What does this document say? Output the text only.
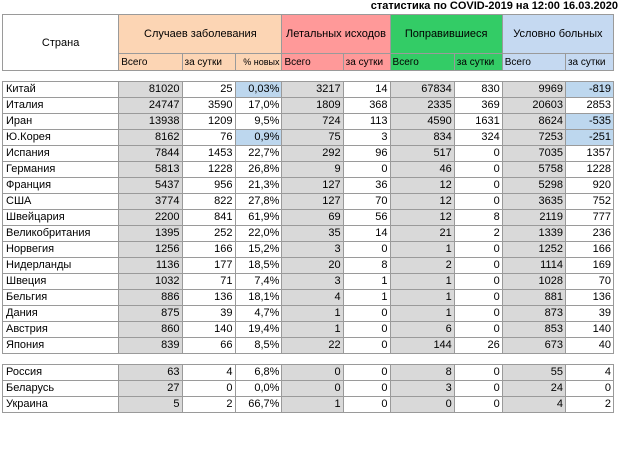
статистика по COVID-2019 на 12:00 16.03.2020
Страна	Случаев заболевания			Летальных исходов		Поправившиеся		Условно больных	
	Всего	за сутки	% новых	Всего	за сутки	Всего	за сутки	Всего	за сутки

Китай	81020	25	0,03%	3217	14	67834	830	9969	-819
Италия	24747	3590	17,0%	1809	368	2335	369	20603	2853
Иран	13938	1209	9,5%	724	113	4590	1631	8624	-535
Ю.Корея	8162	76	0,9%	75	3	834	324	7253	-251
Испания	7844	1453	22,7%	292	96	517	0	7035	1357
Германия	5813	1228	26,8%	9	0	46	0	5758	1228
Франция	5437	956	21,3%	127	36	12	0	5298	920
США	3774	822	27,8%	127	70	12	0	3635	752
Швейцария	2200	841	61,9%	69	56	12	8	2119	777
Великобритания	1395	252	22,0%	35	14	21	2	1339	236
Норвегия	1256	166	15,2%	3	0	1	0	1252	166
Нидерланды	1136	177	18,5%	20	8	2	0	1114	169
Швеция	1032	71	7,4%	3	1	1	0	1028	70
Бельгия	886	136	18,1%	4	1	1	0	881	136
Дания	875	39	4,7%	1	0	1	0	873	39
Австрия	860	140	19,4%	1	0	6	0	853	140
Япония	839	66	8,5%	22	0	144	26	673	40

Россия	63	4	6,8%	0	0	8	0	55	4
Беларусь	27	0	0,0%	0	0	3	0	24	0
Украина	5	2	66,7%	1	0	0	0	4	2
